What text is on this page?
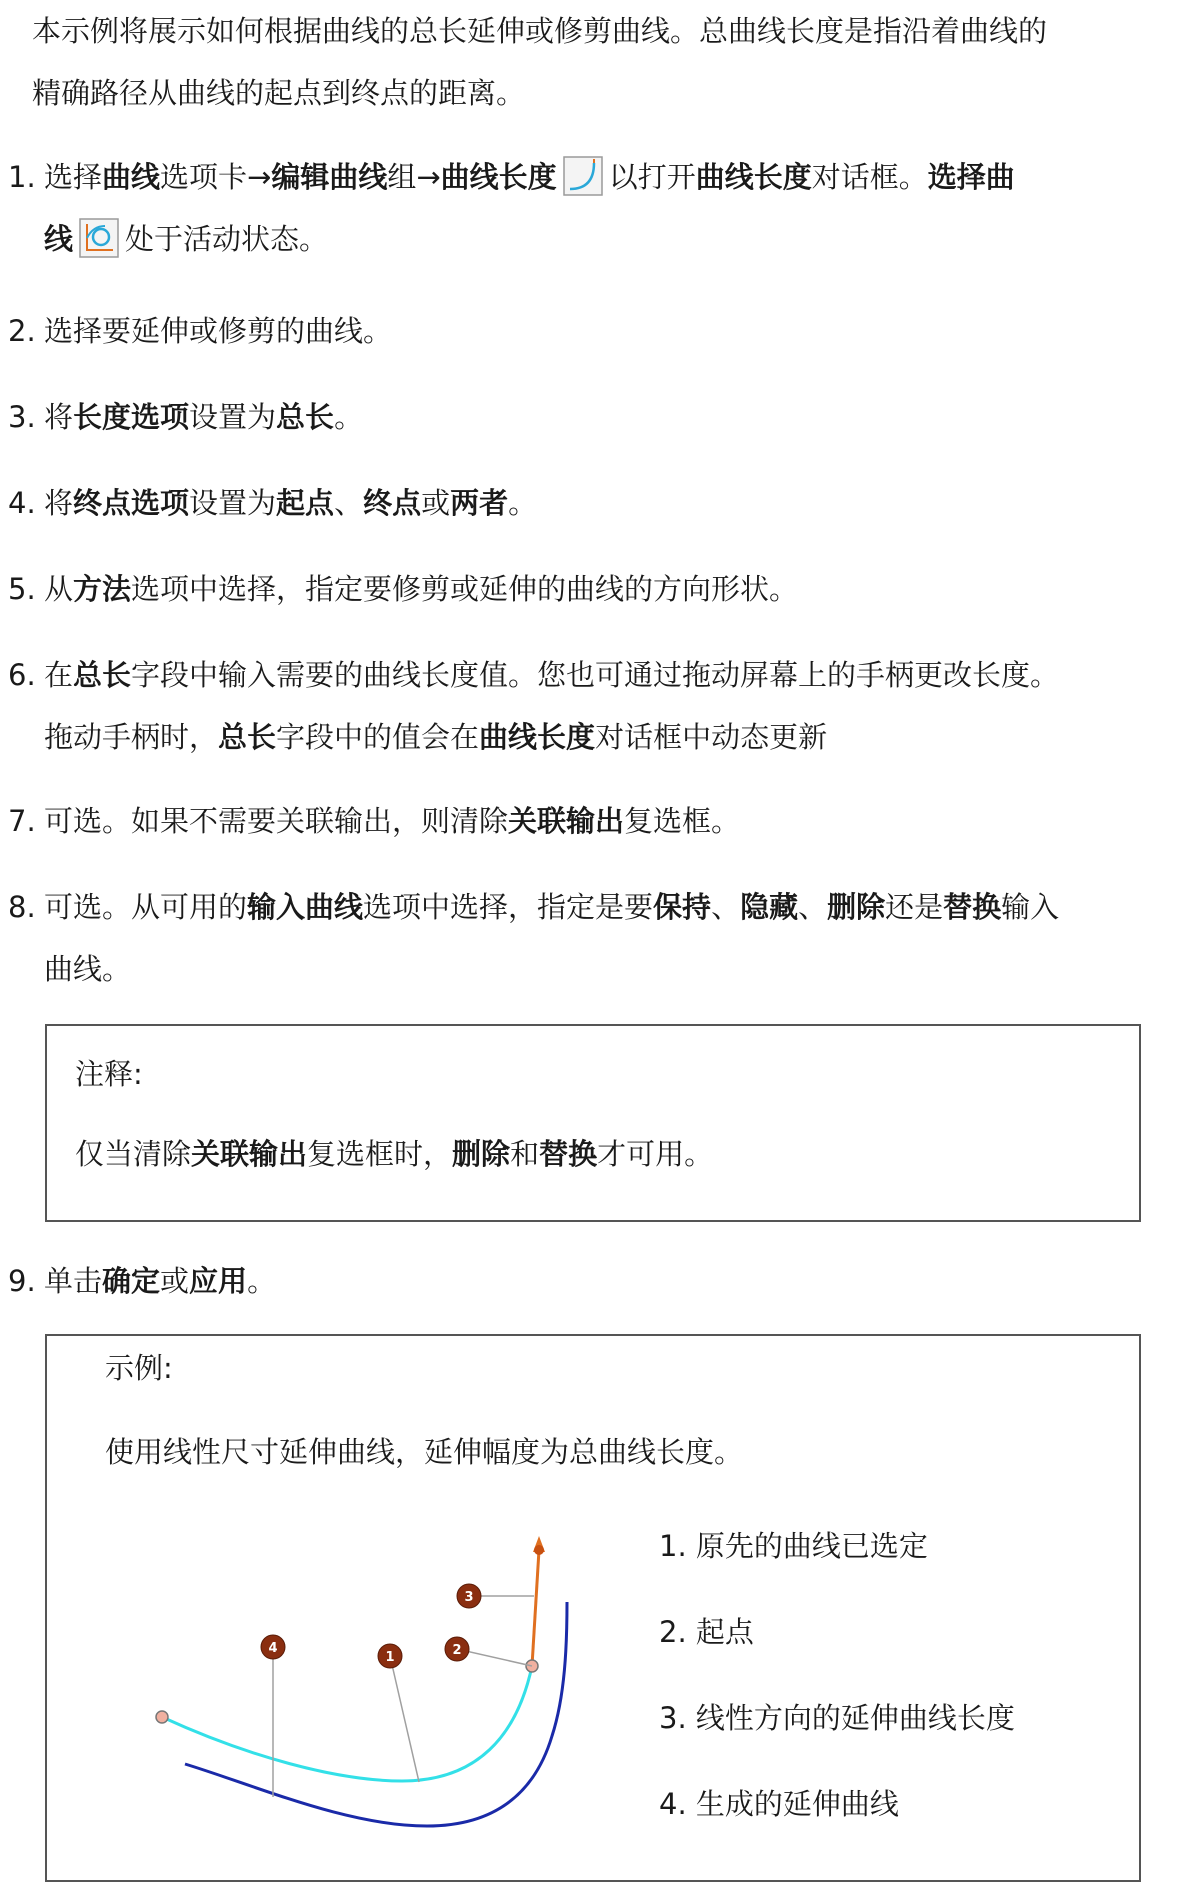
本示例将展示如何根据曲线的总长延伸或修剪曲线。总曲线长度是指沿着曲线的
精确路径从曲线的起点到终点的距离。
1. 选择曲线选项卡→编辑曲线组→曲线长度 以打开曲线长度对话框。选择曲
线 处于活动状态。
2. 选择要延伸或修剪的曲线。
3. 将长度选项设置为总长。
4. 将终点选项设置为起点、终点或两者。
5. 从方法选项中选择，指定要修剪或延伸的曲线的方向形状。
6. 在总长字段中输入需要的曲线长度值。您也可通过拖动屏幕上的手柄更改长度。
拖动手柄时，总长字段中的值会在曲线长度对话框中动态更新
7. 可选。如果不需要关联输出，则清除关联输出复选框。
8. 可选。从可用的输入曲线选项中选择，指定是要保持、隐藏、删除还是替换输入
曲线。
注释:
仅当清除关联输出复选框时，删除和替换才可用。
9. 单击确定或应用。
示例:
使用线性尺寸延伸曲线，延伸幅度为总曲线长度。
1	2
3
4
1. 原先的曲线已选定
2. 起点
3. 线性方向的延伸曲线长度
4. 生成的延伸曲线
